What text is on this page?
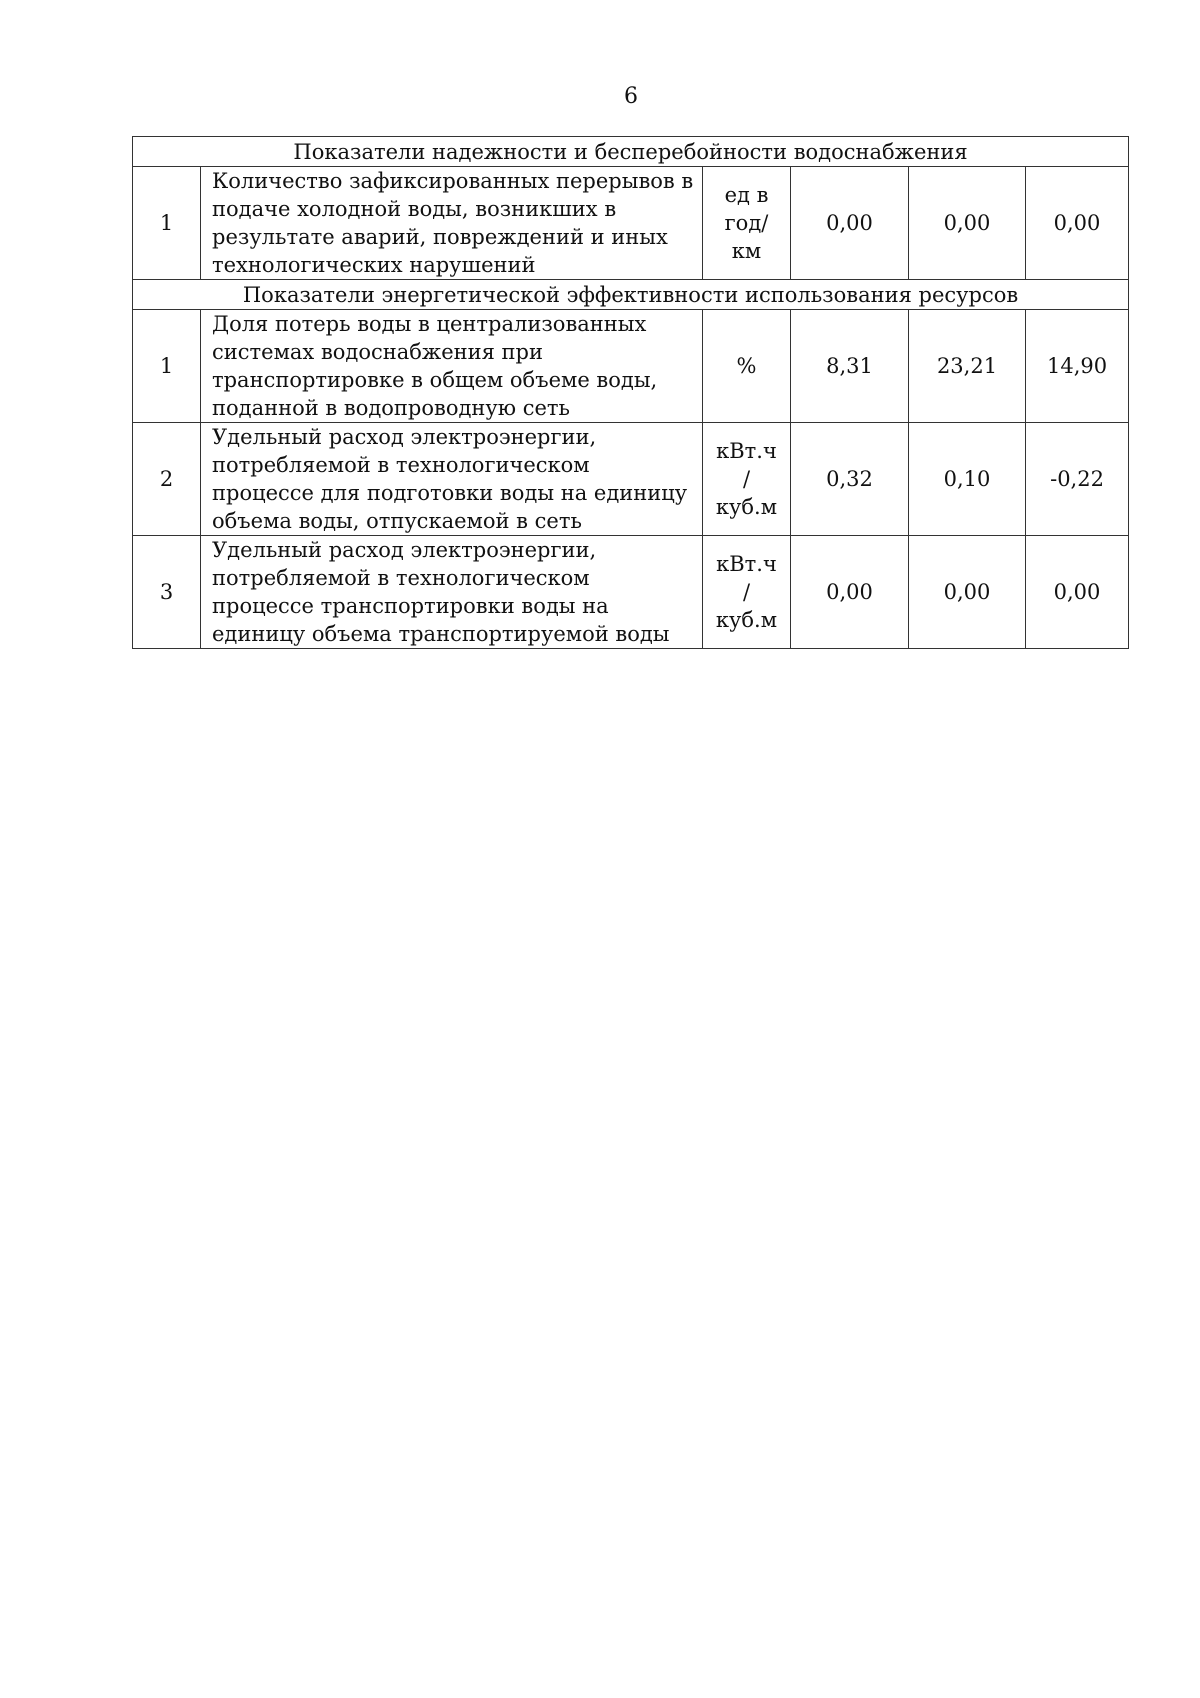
6
Показатели надежности и бесперебойности водоснабжения					
1	Количество зафиксированных перерывов в подаче холодной воды, возникших в результате аварий, повреждений и иных технологических нарушений	ед в
год/
км	0,00	0,00	0,00
Показатели энергетической эффективности использования ресурсов					
1	Доля потерь воды в централизованных системах водоснабжения при транспортировке в общем объеме воды, поданной в водопроводную сеть	%	8,31	23,21	14,90
2	Удельный расход электроэнергии, потребляемой в технологическом процессе для подготовки воды на единицу объема воды, отпускаемой в сеть	кВт.ч
/
куб.м	0,32	0,10	-0,22
3	Удельный расход электроэнергии, потребляемой в технологическом процессе транспортировки воды на единицу объема транспортируемой воды	кВт.ч
/
куб.м	0,00	0,00	0,00
